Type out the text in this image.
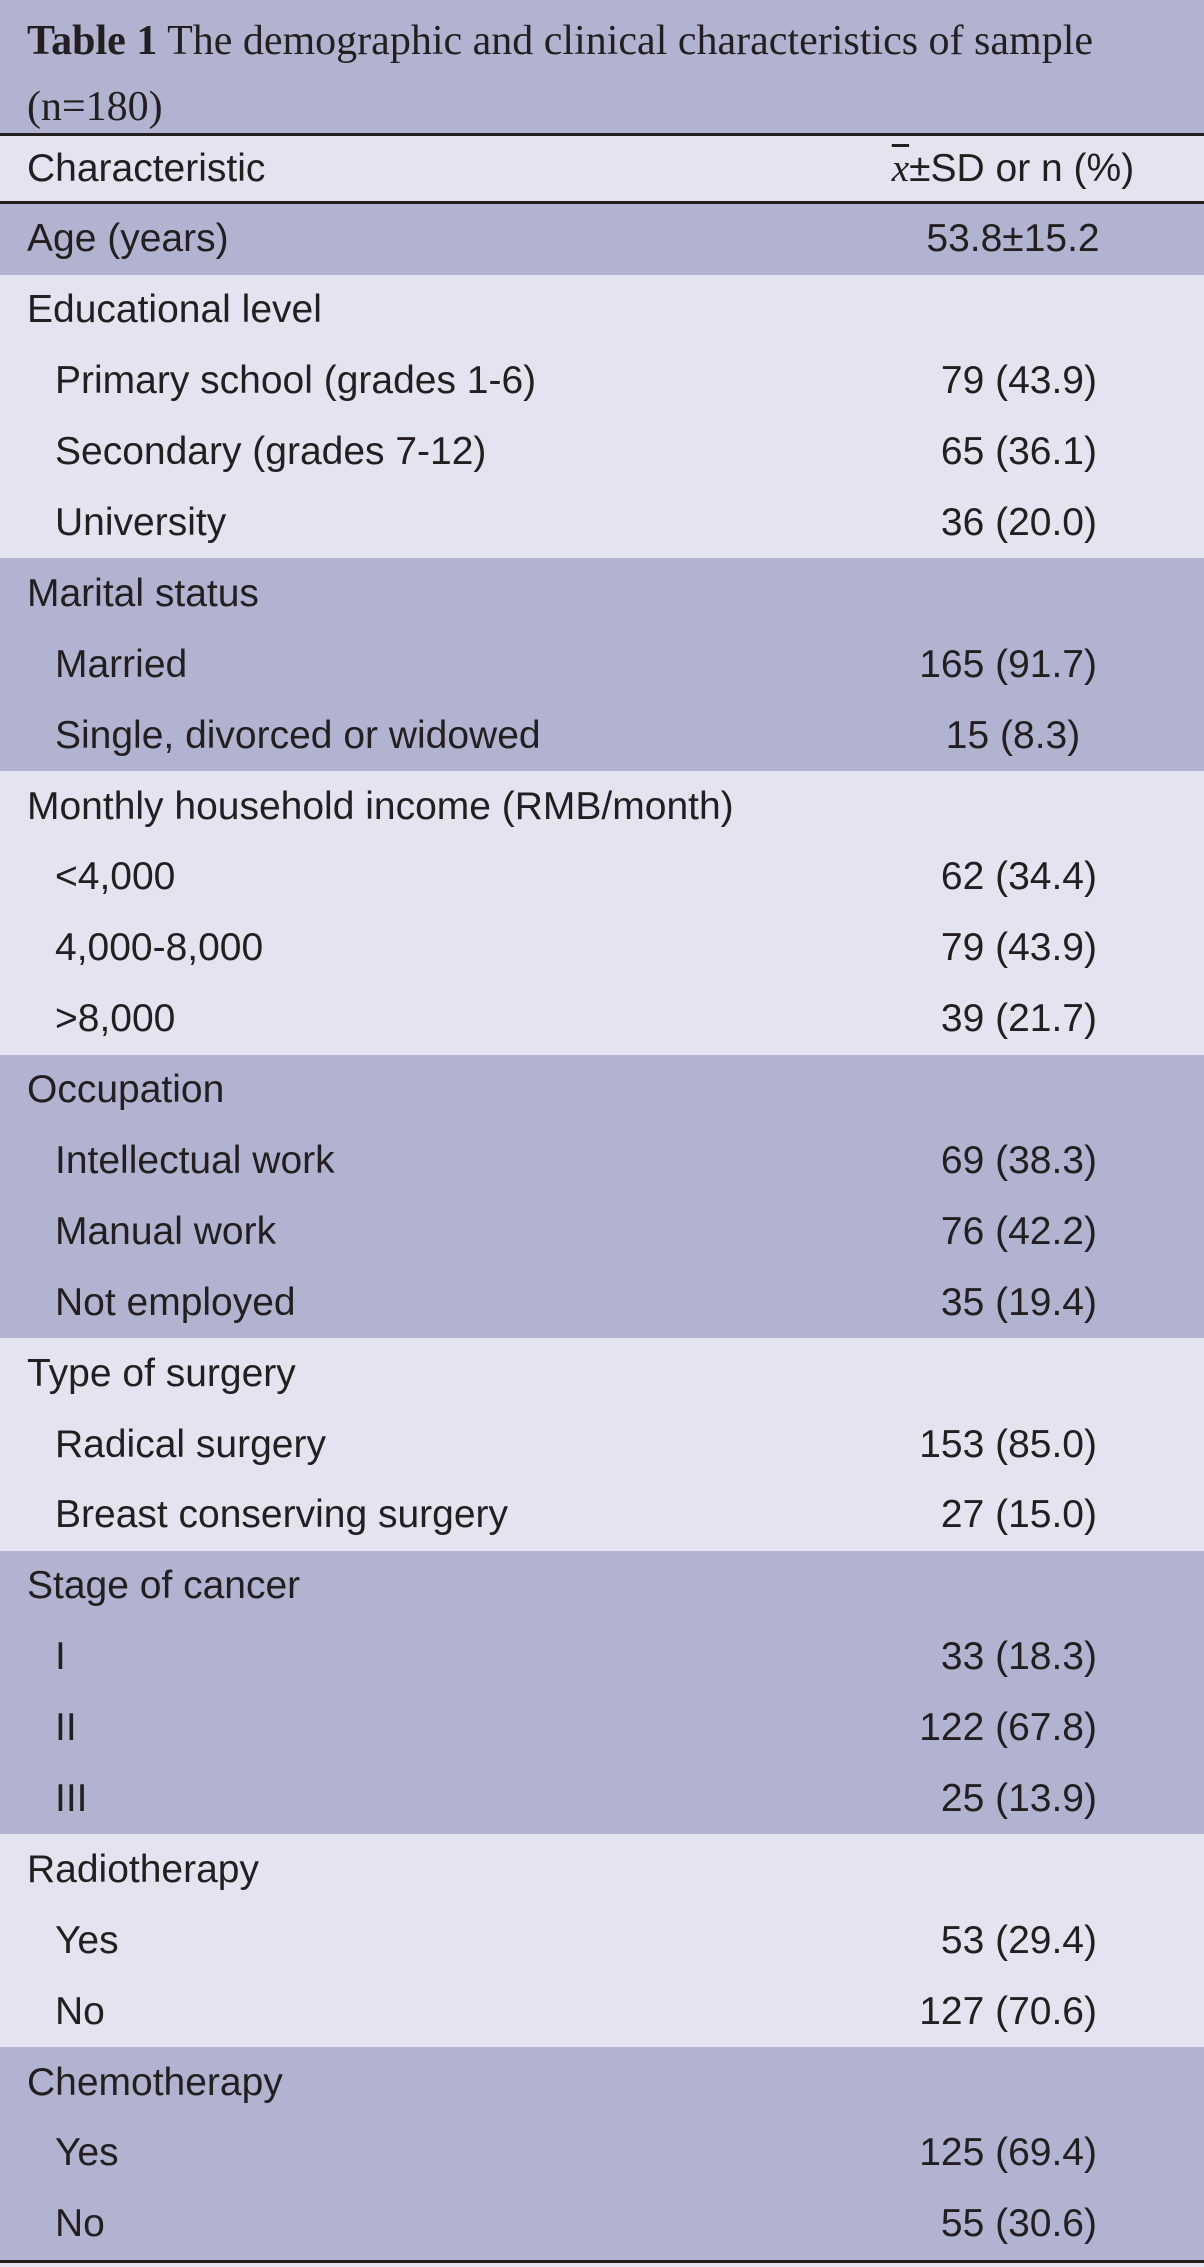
Table 1 The demographic and clinical characteristics of sample (n=180)
Characteristic	$\overline{x}\pm SD$ or n (%)
Age (years)	53.8±15.2
Educational level
Primary school (grades 1-6)	79 (43.9)
Secondary (grades 7-12)	65 (36.1)
University	36 (20.0)
Marital status
Married	165 (91.7)
Single, divorced or widowed	15 (8.3)
Monthly household income (RMB/month)
<4,000	62 (34.4)
4,000-8,000	79 (43.9)
>8,000	39 (21.7)
Occupation
Intellectual work	69 (38.3)
Manual work	76 (42.2)
Not employed	35 (19.4)
Type of surgery
Radical surgery	153 (85.0)
Breast conserving surgery	27 (15.0)
Stage of cancer
I	33 (18.3)
II	122 (67.8)
III	25 (13.9)
Radiotherapy
Yes	53 (29.4)
No	127 (70.6)
Chemotherapy
Yes	125 (69.4)
No	55 (30.6)
